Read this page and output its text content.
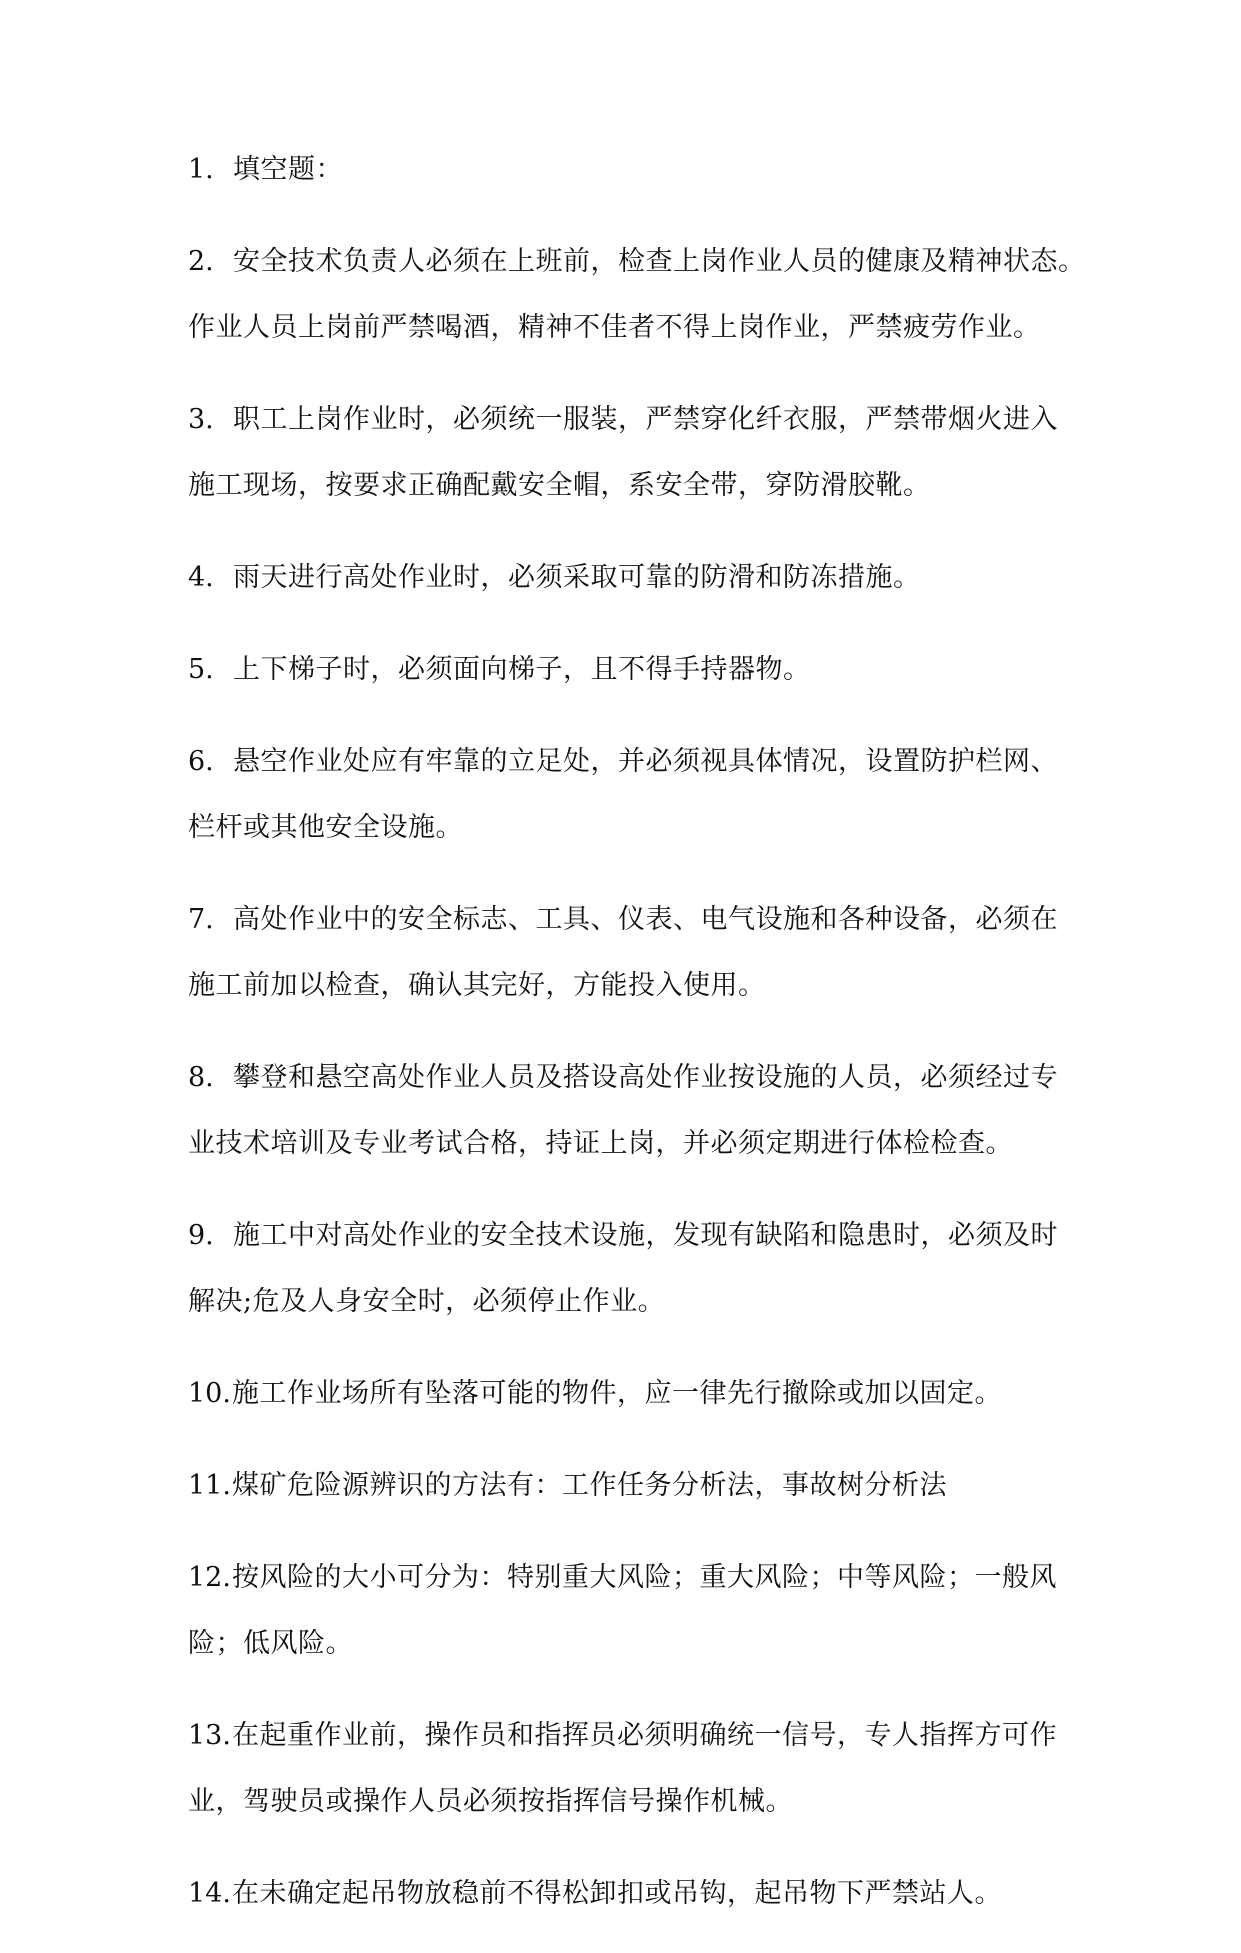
1. 填空题：
2. 安全技术负责人必须在上班前，检查上岗作业人员的健康及精神状态。
作业人员上岗前严禁喝酒，精神不佳者不得上岗作业，严禁疲劳作业。
3. 职工上岗作业时，必须统一服装，严禁穿化纤衣服，严禁带烟火进入
施工现场，按要求正确配戴安全帽，系安全带，穿防滑胶靴。
4. 雨天进行高处作业时，必须采取可靠的防滑和防冻措施。
5. 上下梯子时，必须面向梯子，且不得手持器物。
6. 悬空作业处应有牢靠的立足处，并必须视具体情况，设置防护栏网、
栏杆或其他安全设施。
7. 高处作业中的安全标志、工具、仪表、电气设施和各种设备，必须在
施工前加以检查，确认其完好，方能投入使用。
8. 攀登和悬空高处作业人员及搭设高处作业按设施的人员，必须经过专
业技术培训及专业考试合格，持证上岗，并必须定期进行体检检查。
9. 施工中对高处作业的安全技术设施，发现有缺陷和隐患时，必须及时
解决;危及人身安全时，必须停止作业。
10. 施工作业场所有坠落可能的物件，应一律先行撤除或加以固定。
11. 煤矿危险源辨识的方法有：工作任务分析法，事故树分析法
12. 按风险的大小可分为：特别重大风险；重大风险；中等风险；一般风
险；低风险。
13. 在起重作业前，操作员和指挥员必须明确统一信号，专人指挥方可作
业，驾驶员或操作人员必须按指挥信号操作机械。
14. 在未确定起吊物放稳前不得松卸扣或吊钩，起吊物下严禁站人。
